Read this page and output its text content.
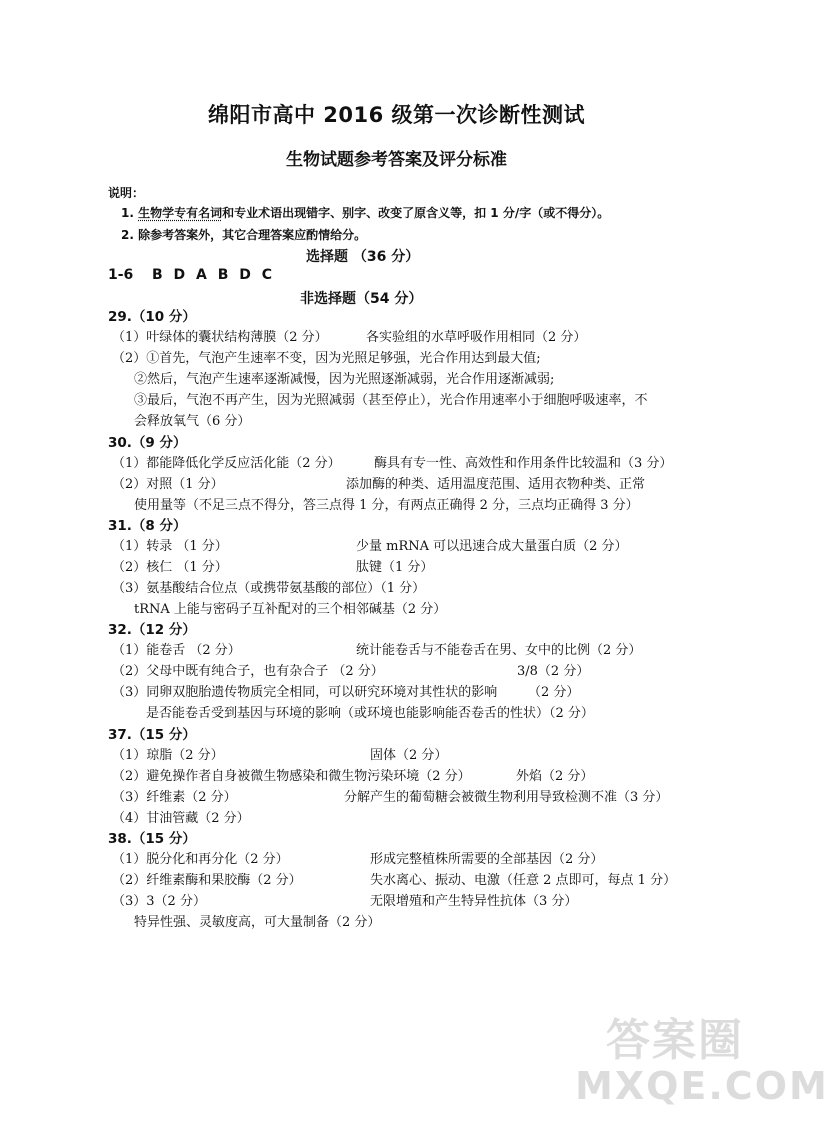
绵阳市高中 2016 级第一次诊断性测试
生物试题参考答案及评分标准
说明：
1. 生物学专有名词和专业术语出现错字、别字、改变了原含义等，扣 1 分/字（或不得分）。
2. 除参考答案外，其它合理答案应酌情给分。
选择题 （36 分）
1-6 B D A B D C
非选择题（54 分）
29.（10 分）
（1）叶绿体的囊状结构薄膜（2 分）	各实验组的水草呼吸作用相同（2 分）
（2）①首先，气泡产生速率不变，因为光照足够强，光合作用达到最大值;
②然后，气泡产生速率逐渐减慢，因为光照逐渐减弱，光合作用逐渐减弱;
③最后，气泡不再产生，因为光照减弱（甚至停止），光合作用速率小于细胞呼吸速率，不
会释放氧气（6 分）
30.（9 分）
（1）都能降低化学反应活化能（2 分）	酶具有专一性、高效性和作用条件比较温和（3 分）
（2）对照（1 分）	添加酶的种类、适用温度范围、适用衣物种类、正常
使用量等（不足三点不得分，答三点得 1 分，有两点正确得 2 分，三点均正确得 3 分）
31.（8 分）
（1）转录 （1 分）	少量 mRNA 可以迅速合成大量蛋白质（2 分）
（2）核仁 （1 分）	肽键（1 分）
（3）氨基酸结合位点（或携带氨基酸的部位）（1 分）
tRNA 上能与密码子互补配对的三个相邻碱基（2 分）
32.（12 分）
（1）能卷舌 （2 分）	统计能卷舌与不能卷舌在男、女中的比例（2 分）
（2）父母中既有纯合子，也有杂合子 （2 分）	3/8（2 分）
（3）同卵双胞胎遗传物质完全相同，可以研究环境对其性状的影响 （2 分）
是否能卷舌受到基因与环境的影响（或环境也能影响能否卷舌的性状）（2 分）
37.（15 分）
（1）琼脂（2 分）	固体（2 分）
（2）避免操作者自身被微生物感染和微生物污染环境（2 分）	外焰（2 分）
（3）纤维素（2 分）	分解产生的葡萄糖会被微生物利用导致检测不准（3 分）
（4）甘油管藏（2 分）
38.（15 分）
（1）脱分化和再分化（2 分）	形成完整植株所需要的全部基因（2 分）
（2）纤维素酶和果胶酶（2 分）	失水离心、振动、电激（任意 2 点即可，每点 1 分）
（3）3（2 分）	无限增殖和产生特异性抗体（3 分）
特异性强、灵敏度高，可大量制备（2 分）
答案圈
MXQE.COM
